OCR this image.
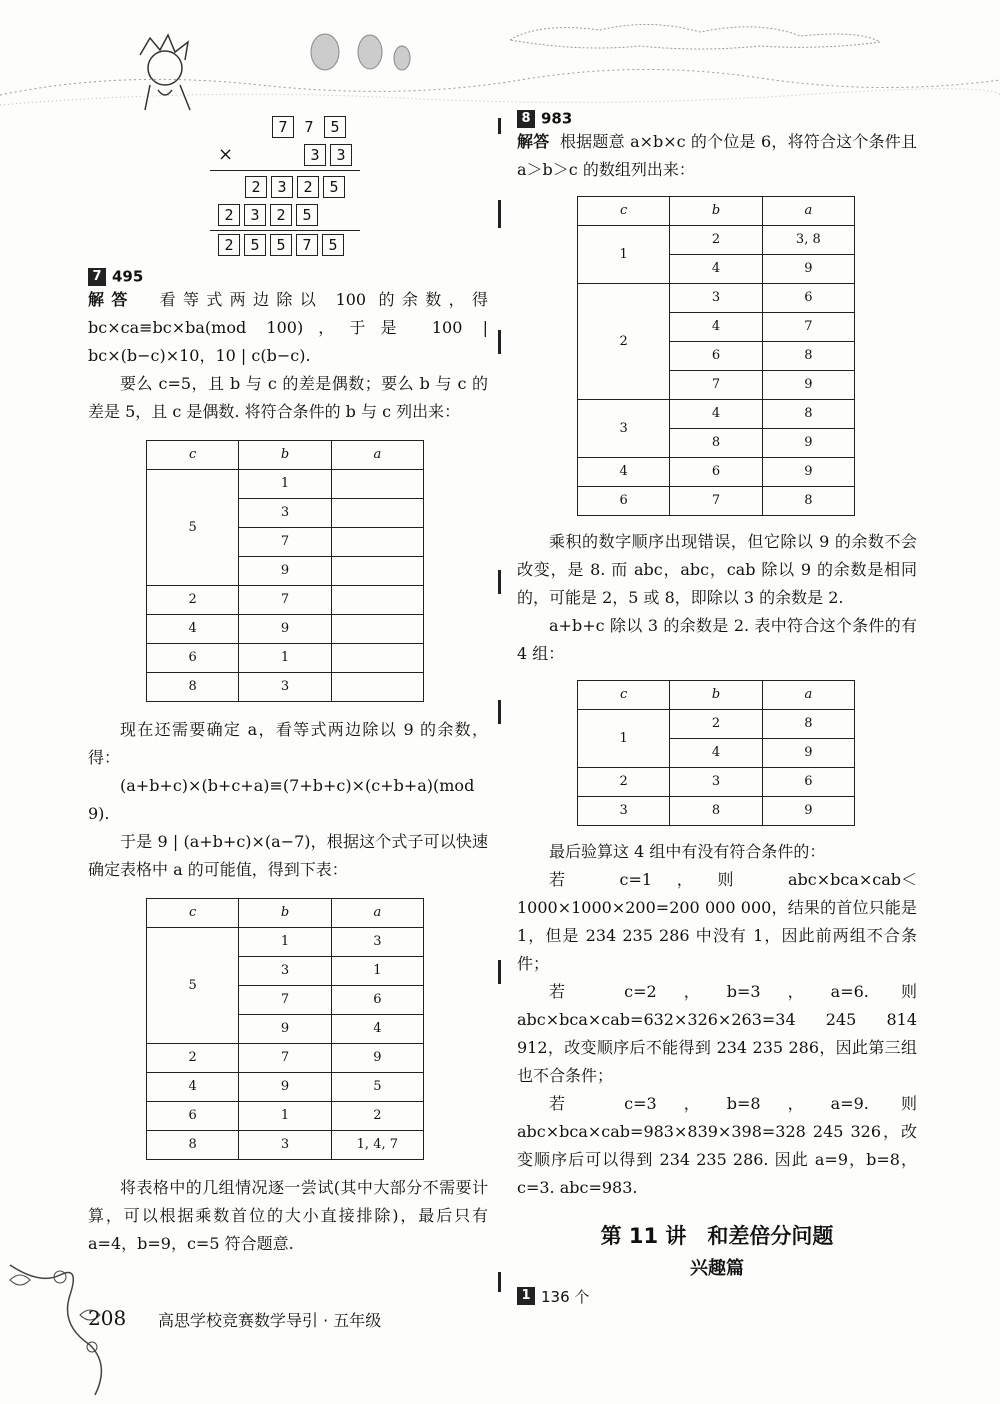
7 7 5
×	3 3
2 3 2 5
2 3 2 5
2 5 5 7 5
7 495

解答 看等式两边除以 100 的余数，得bc×ca≡bc×ba(mod 100)，于是 100 | bc×(b−c)×10，10 | c(b−c).

要么 c=5，且 b 与 c 的差是偶数；要么 b 与 c 的差是 5，且 c 是偶数. 将符合条件的 b 与 c 列出来：

c	b	a
5	1	
	3	
	7	
	9	
2	7	
4	9	
6	1	
8	3	

现在还需要确定 a，看等式两边除以 9 的余数，得：

(a+b+c)×(b+c+a)≡(7+b+c)×(c+b+a)(mod 9).

于是 9 | (a+b+c)×(a−7)，根据这个式子可以快速确定表格中 a 的可能值，得到下表：

c	b	a
5	1	3
	3	1
	7	6
	9	4
2	7	9
4	9	5
6	1	2
8	3	1, 4, 7

将表格中的几组情况逐一尝试(其中大部分不需要计算，可以根据乘数首位的大小直接排除)，最后只有 a=4，b=9，c=5 符合题意.

8 983

解答 根据题意 a×b×c 的个位是 6，将符合这个条件且 a＞b＞c 的数组列出来：

c	b	a
1	2	3, 8
	4	9
2	3	6
	4	7
	6	8
	7	9
3	4	8
	8	9
4	6	9
6	7	8

乘积的数字顺序出现错误，但它除以 9 的余数不会改变，是 8. 而 abc，abc，cab 除以 9 的余数是相同的，可能是 2，5 或 8，即除以 3 的余数是 2.

a+b+c 除以 3 的余数是 2. 表中符合这个条件的有 4 组：

c	b	a
1	2	8
	4	9
2	3	6
3	8	9

最后验算这 4 组中有没有符合条件的：

若 c=1，则 abc×bca×cab＜1000×1000×200=200 000 000，结果的首位只能是 1，但是 234 235 286 中没有 1，因此前两组不合条件；

若 c=2，b=3，a=6. 则 abc×bca×cab=632×326×263=34 245 814 912，改变顺序后不能得到 234 235 286，因此第三组也不合条件；

若 c=3，b=8，a=9. 则 abc×bca×cab=983×839×398=328 245 326，改变顺序后可以得到 234 235 286. 因此 a=9，b=8，c=3. abc=983.

第 11 讲　和差倍分问题
兴趣篇
1 136 个
208 高思学校竞赛数学导引 · 五年级
